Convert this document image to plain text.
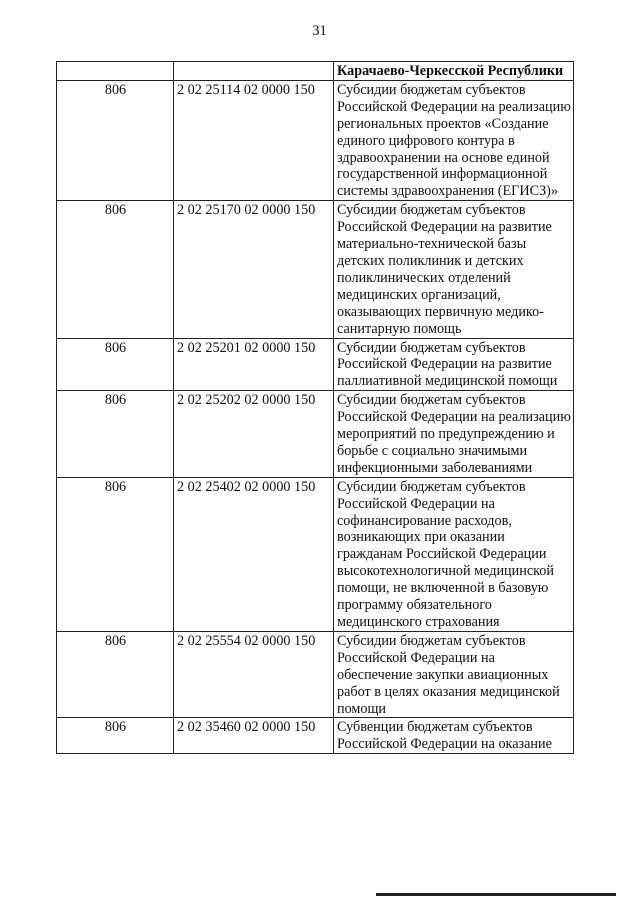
31
		Карачаево-Черкесской Республики
806	2 02 25114 02 0000 150	Субсидии бюджетам субъектов Российской Федерации на реализацию региональных проектов «Создание единого цифрового контура в здравоохранении на основе единой государственной информационной системы здравоохранения (ЕГИСЗ)»
806	2 02 25170 02 0000 150	Субсидии бюджетам субъектов Российской Федерации на развитие материально-технической базы детских поликлиник и детских поликлинических отделений медицинских организаций, оказывающих первичную медико-санитарную помощь
806	2 02 25201 02 0000 150	Субсидии бюджетам субъектов Российской Федерации на развитие паллиативной медицинской помощи
806	2 02 25202 02 0000 150	Субсидии бюджетам субъектов Российской Федерации на реализацию мероприятий по предупреждению и борьбе с социально значимыми инфекционными заболеваниями
806	2 02 25402 02 0000 150	Субсидии бюджетам субъектов Российской Федерации на софинансирование расходов, возникающих при оказании гражданам Российской Федерации высокотехнологичной медицинской помощи, не включенной в базовую программу обязательного медицинского страхования
806	2 02 25554 02 0000 150	Субсидии бюджетам субъектов Российской Федерации на обеспечение закупки авиационных работ в целях оказания медицинской помощи
806	2 02 35460 02 0000 150	Субвенции бюджетам субъектов Российской Федерации на оказание
